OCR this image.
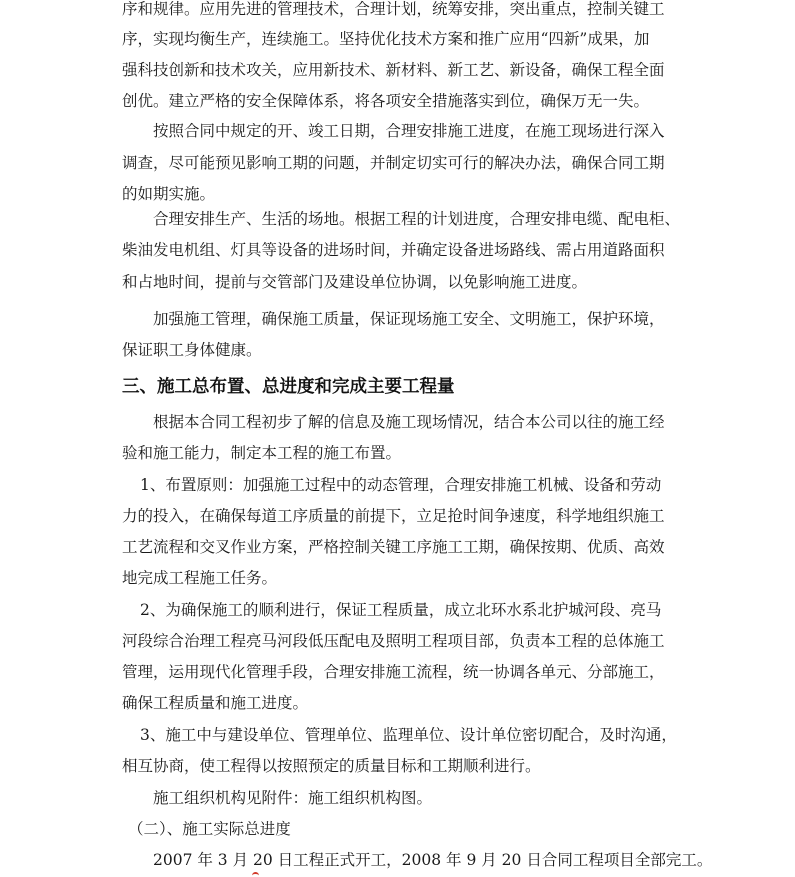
序和规律。应用先进的管理技术，合理计划，统筹安排，突出重点，控制关键工
序，实现均衡生产，连续施工。坚持优化技术方案和推广应用“四新”成果，加
强科技创新和技术攻关，应用新技术、新材料、新工艺、新设备，确保工程全面
创优。建立严格的安全保障体系，将各项安全措施落实到位，确保万无一失。
按照合同中规定的开、竣工日期，合理安排施工进度，在施工现场进行深入
调查，尽可能预见影响工期的问题，并制定切实可行的解决办法，确保合同工期
的如期实施。
合理安排生产、生活的场地。根据工程的计划进度，合理安排电缆、配电柜、
柴油发电机组、灯具等设备的进场时间，并确定设备进场路线、需占用道路面积
和占地时间，提前与交管部门及建设单位协调，以免影响施工进度。
加强施工管理，确保施工质量，保证现场施工安全、文明施工，保护环境，
保证职工身体健康。
三、施工总布置、总进度和完成主要工程量
根据本合同工程初步了解的信息及施工现场情况，结合本公司以往的施工经
验和施工能力，制定本工程的施工布置。
1、布置原则：加强施工过程中的动态管理，合理安排施工机械、设备和劳动
力的投入，在确保每道工序质量的前提下，立足抢时间争速度，科学地组织施工
工艺流程和交叉作业方案，严格控制关键工序施工工期，确保按期、优质、高效
地完成工程施工任务。
2、为确保施工的顺利进行，保证工程质量，成立北环水系北护城河段、亮马
河段综合治理工程亮马河段低压配电及照明工程项目部，负责本工程的总体施工
管理，运用现代化管理手段，合理安排施工流程，统一协调各单元、分部施工，
确保工程质量和施工进度。
3、施工中与建设单位、管理单位、监理单位、设计单位密切配合，及时沟通，
相互协商，使工程得以按照预定的质量目标和工期顺利进行。
施工组织机构见附件：施工组织机构图。
（二）、施工实际总进度
2007 年 3 月 20 日工程正式开工，2008 年 9 月 20 日合同工程项目全部完工。
